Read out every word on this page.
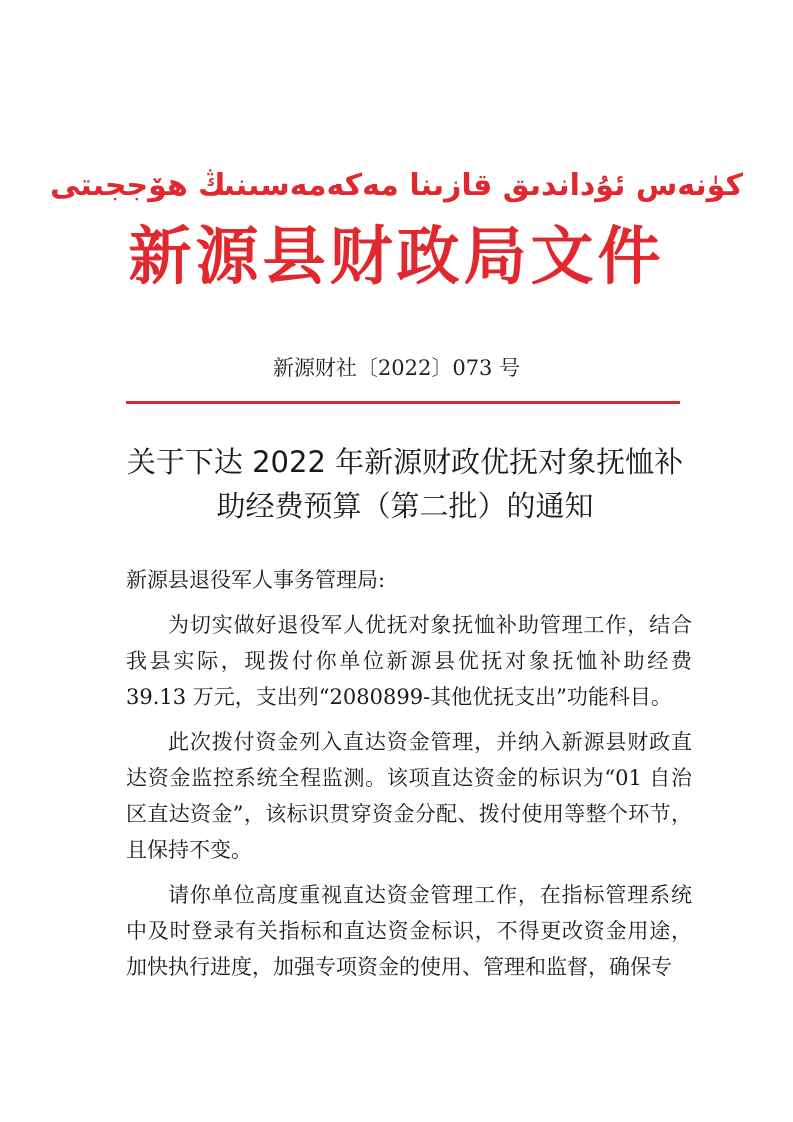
كۈنەس ئۇداندىق قازىنا مەكەمەسىنىڭ ھۆججىتى
新源县财政局文件
新源财社〔2022〕073 号
关于下达 2022 年新源财政优抚对象抚恤补
助经费预算（第二批）的通知

新源县退役军人事务管理局:

为切实做好退役军人优抚对象抚恤补助管理工作，结合我县实际，现拨付你单位新源县优抚对象抚恤补助经费 39.13 万元，支出列“2080899-其他优抚支出”功能科目。

此次拨付资金列入直达资金管理，并纳入新源县财政直达资金监控系统全程监测。该项直达资金的标识为“01 自治区直达资金”，该标识贯穿资金分配、拨付使用等整个环节，且保持不变。

请你单位高度重视直达资金管理工作，在指标管理系统中及时登录有关指标和直达资金标识，不得更改资金用途，加快执行进度，加强专项资金的使用、管理和监督，确保专
